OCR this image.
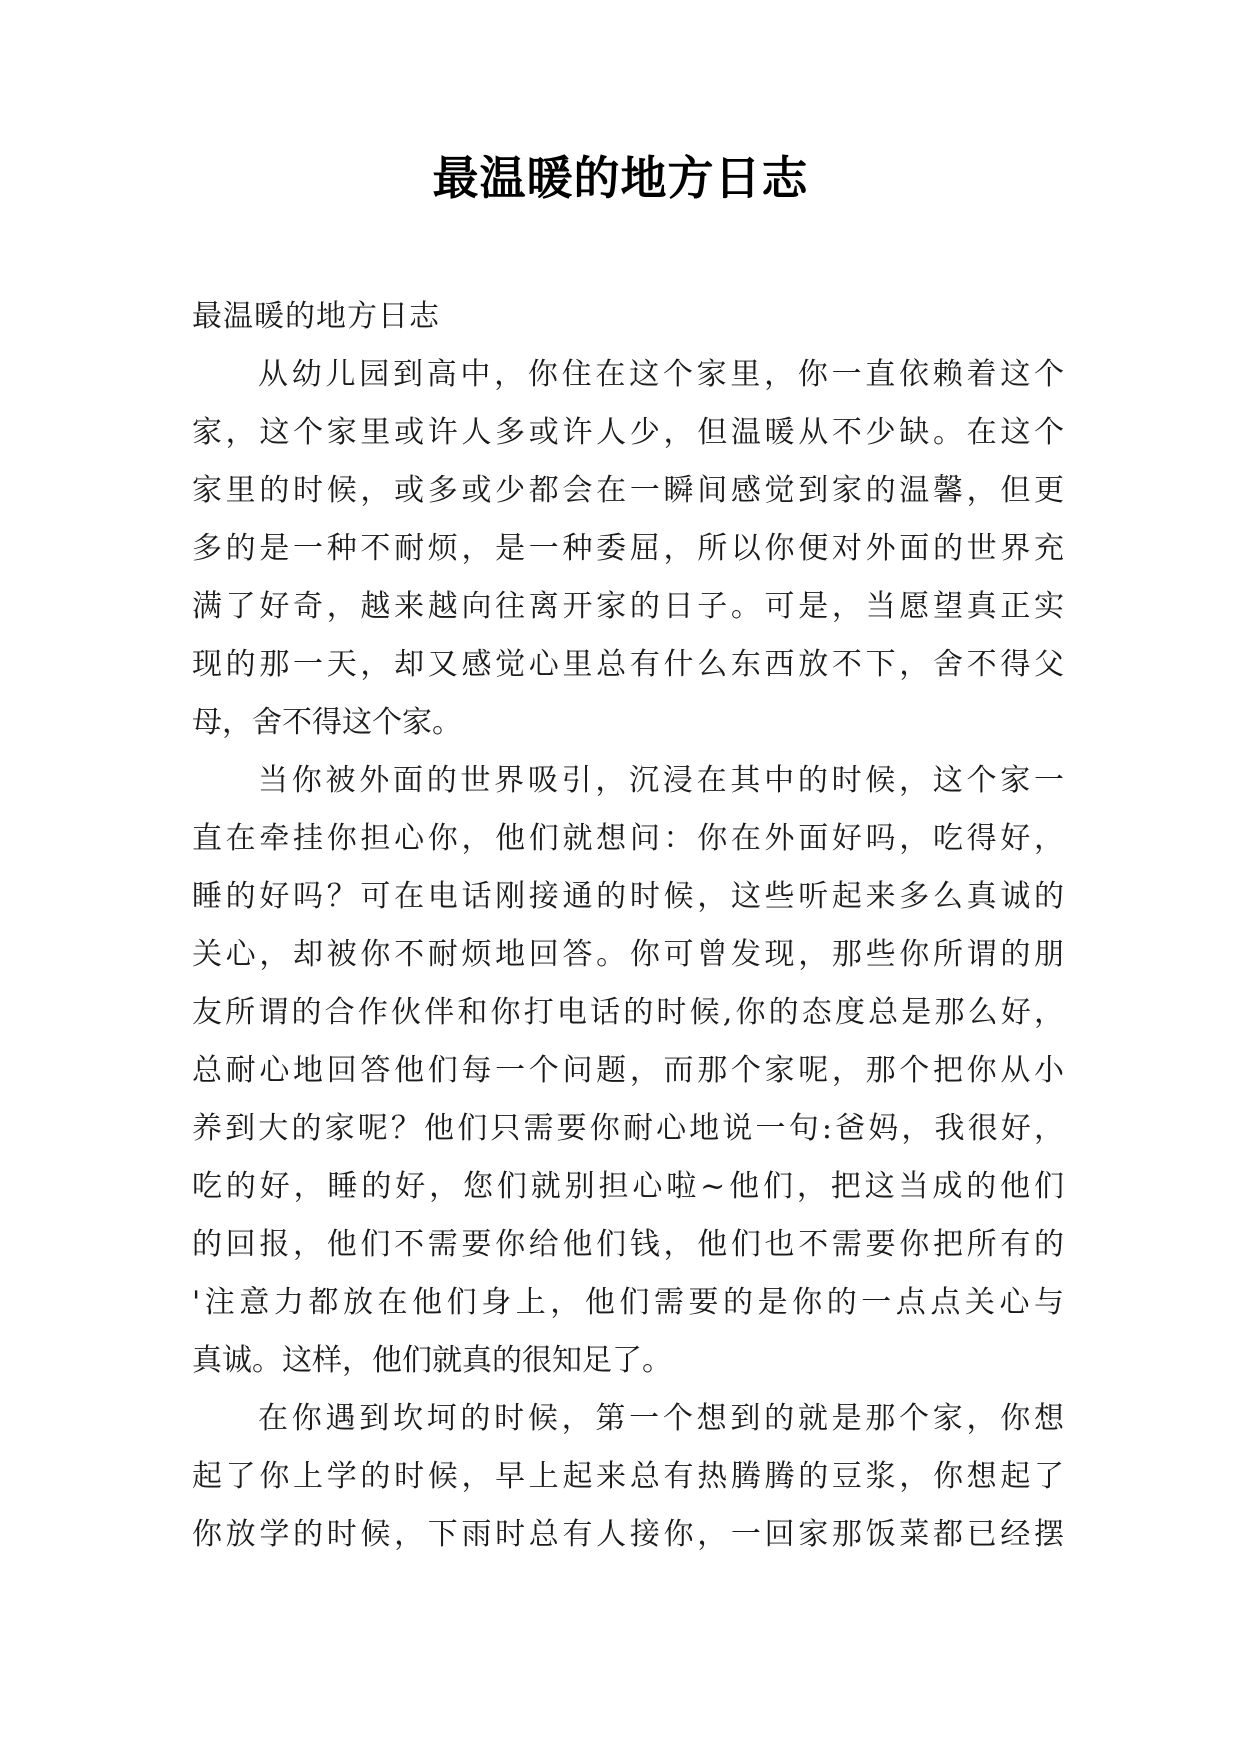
最温暖的地方日志
最温暖的地方日志
从幼儿园到高中，你住在这个家里，你一直依赖着这个
家，这个家里或许人多或许人少，但温暖从不少缺。在这个
家里的时候，或多或少都会在一瞬间感觉到家的温馨，但更
多的是一种不耐烦，是一种委屈，所以你便对外面的世界充
满了好奇，越来越向往离开家的日子。可是，当愿望真正实
现的那一天，却又感觉心里总有什么东西放不下，舍不得父
母，舍不得这个家。
当你被外面的世界吸引，沉浸在其中的时候，这个家一
直在牵挂你担心你，他们就想问：你在外面好吗，吃得好，
睡的好吗？可在电话刚接通的时候，这些听起来多么真诚的
关心，却被你不耐烦地回答。你可曾发现，那些你所谓的朋
友所谓的合作伙伴和你打电话的时候,你的态度总是那么好，
总耐心地回答他们每一个问题，而那个家呢，那个把你从小
养到大的家呢？他们只需要你耐心地说一句:爸妈，我很好，
吃的好，睡的好，您们就别担心啦~他们，把这当成的他们
的回报，他们不需要你给他们钱，他们也不需要你把所有的
'注意力都放在他们身上，他们需要的是你的一点点关心与
真诚。这样，他们就真的很知足了。
在你遇到坎坷的时候，第一个想到的就是那个家，你想
起了你上学的时候，早上起来总有热腾腾的豆浆，你想起了
你放学的时候，下雨时总有人接你，一回家那饭菜都已经摆
